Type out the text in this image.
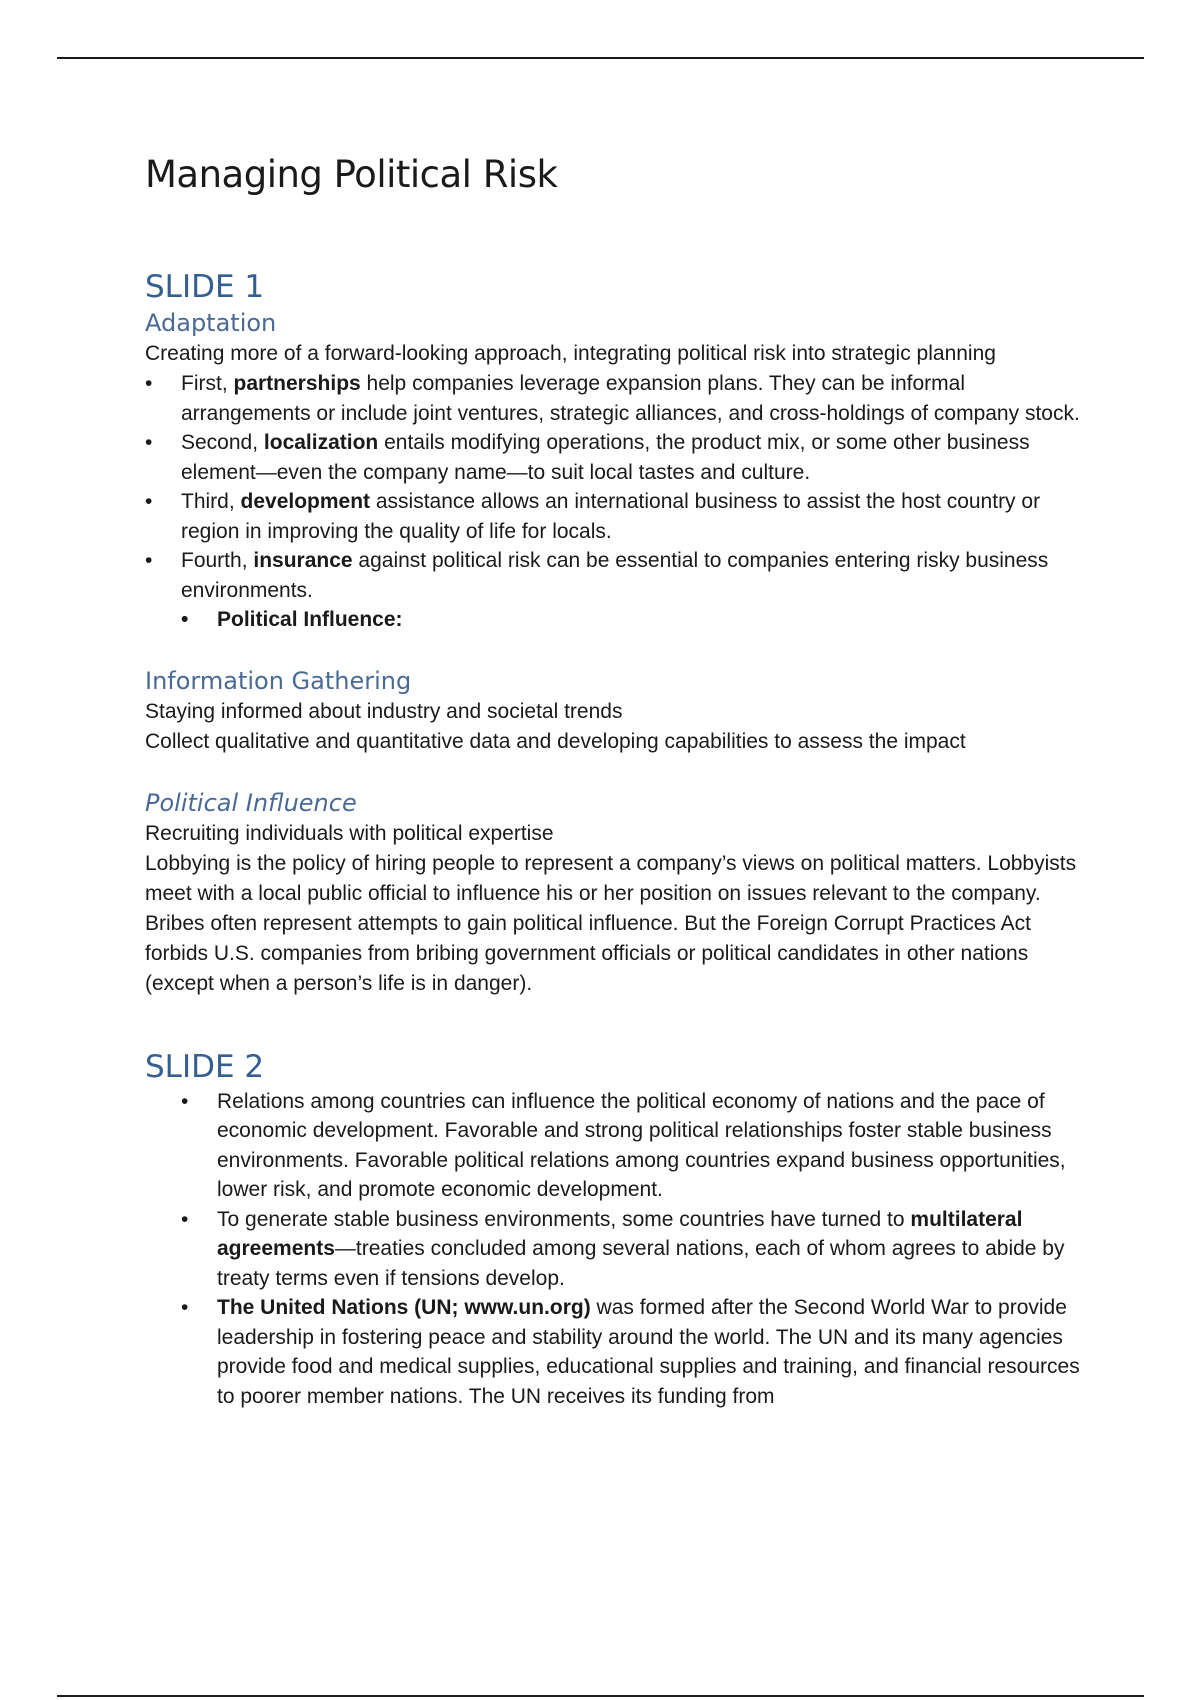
Managing Political Risk
SLIDE 1
Adaptation

Creating more of a forward-looking approach, integrating political risk into strategic planning

• First, partnerships help companies leverage expansion plans. They can be informal arrangements or include joint ventures, strategic alliances, and cross-holdings of company stock.
• Second, localization entails modifying operations, the product mix, or some other business element—even the company name—to suit local tastes and culture.
• Third, development assistance allows an international business to assist the host country or region in improving the quality of life for locals.
• Fourth, insurance against political risk can be essential to companies entering risky business environments.
• Political Influence:
Information Gathering

Staying informed about industry and societal trends

Collect qualitative and quantitative data and developing capabilities to assess the impact

Political Influence

Recruiting individuals with political expertise

Lobbying is the policy of hiring people to represent a company’s views on political matters. Lobbyists meet with a local public official to influence his or her position on issues relevant to the company. Bribes often represent attempts to gain political influence. But the Foreign Corrupt Practices Act forbids U.S. companies from bribing government officials or political candidates in other nations (except when a person’s life is in danger).

SLIDE 2
• Relations among countries can influence the political economy of nations and the pace of economic development. Favorable and strong political relationships foster stable business environments. Favorable political relations among countries expand business opportunities, lower risk, and promote economic development.
• To generate stable business environments, some countries have turned to multilateral agreements—treaties concluded among several nations, each of whom agrees to abide by treaty terms even if tensions develop.
• The United Nations (UN; www.un.org) was formed after the Second World War to provide leadership in fostering peace and stability around the world. The UN and its many agencies provide food and medical supplies, educational supplies and training, and financial resources to poorer member nations. The UN receives its funding from
